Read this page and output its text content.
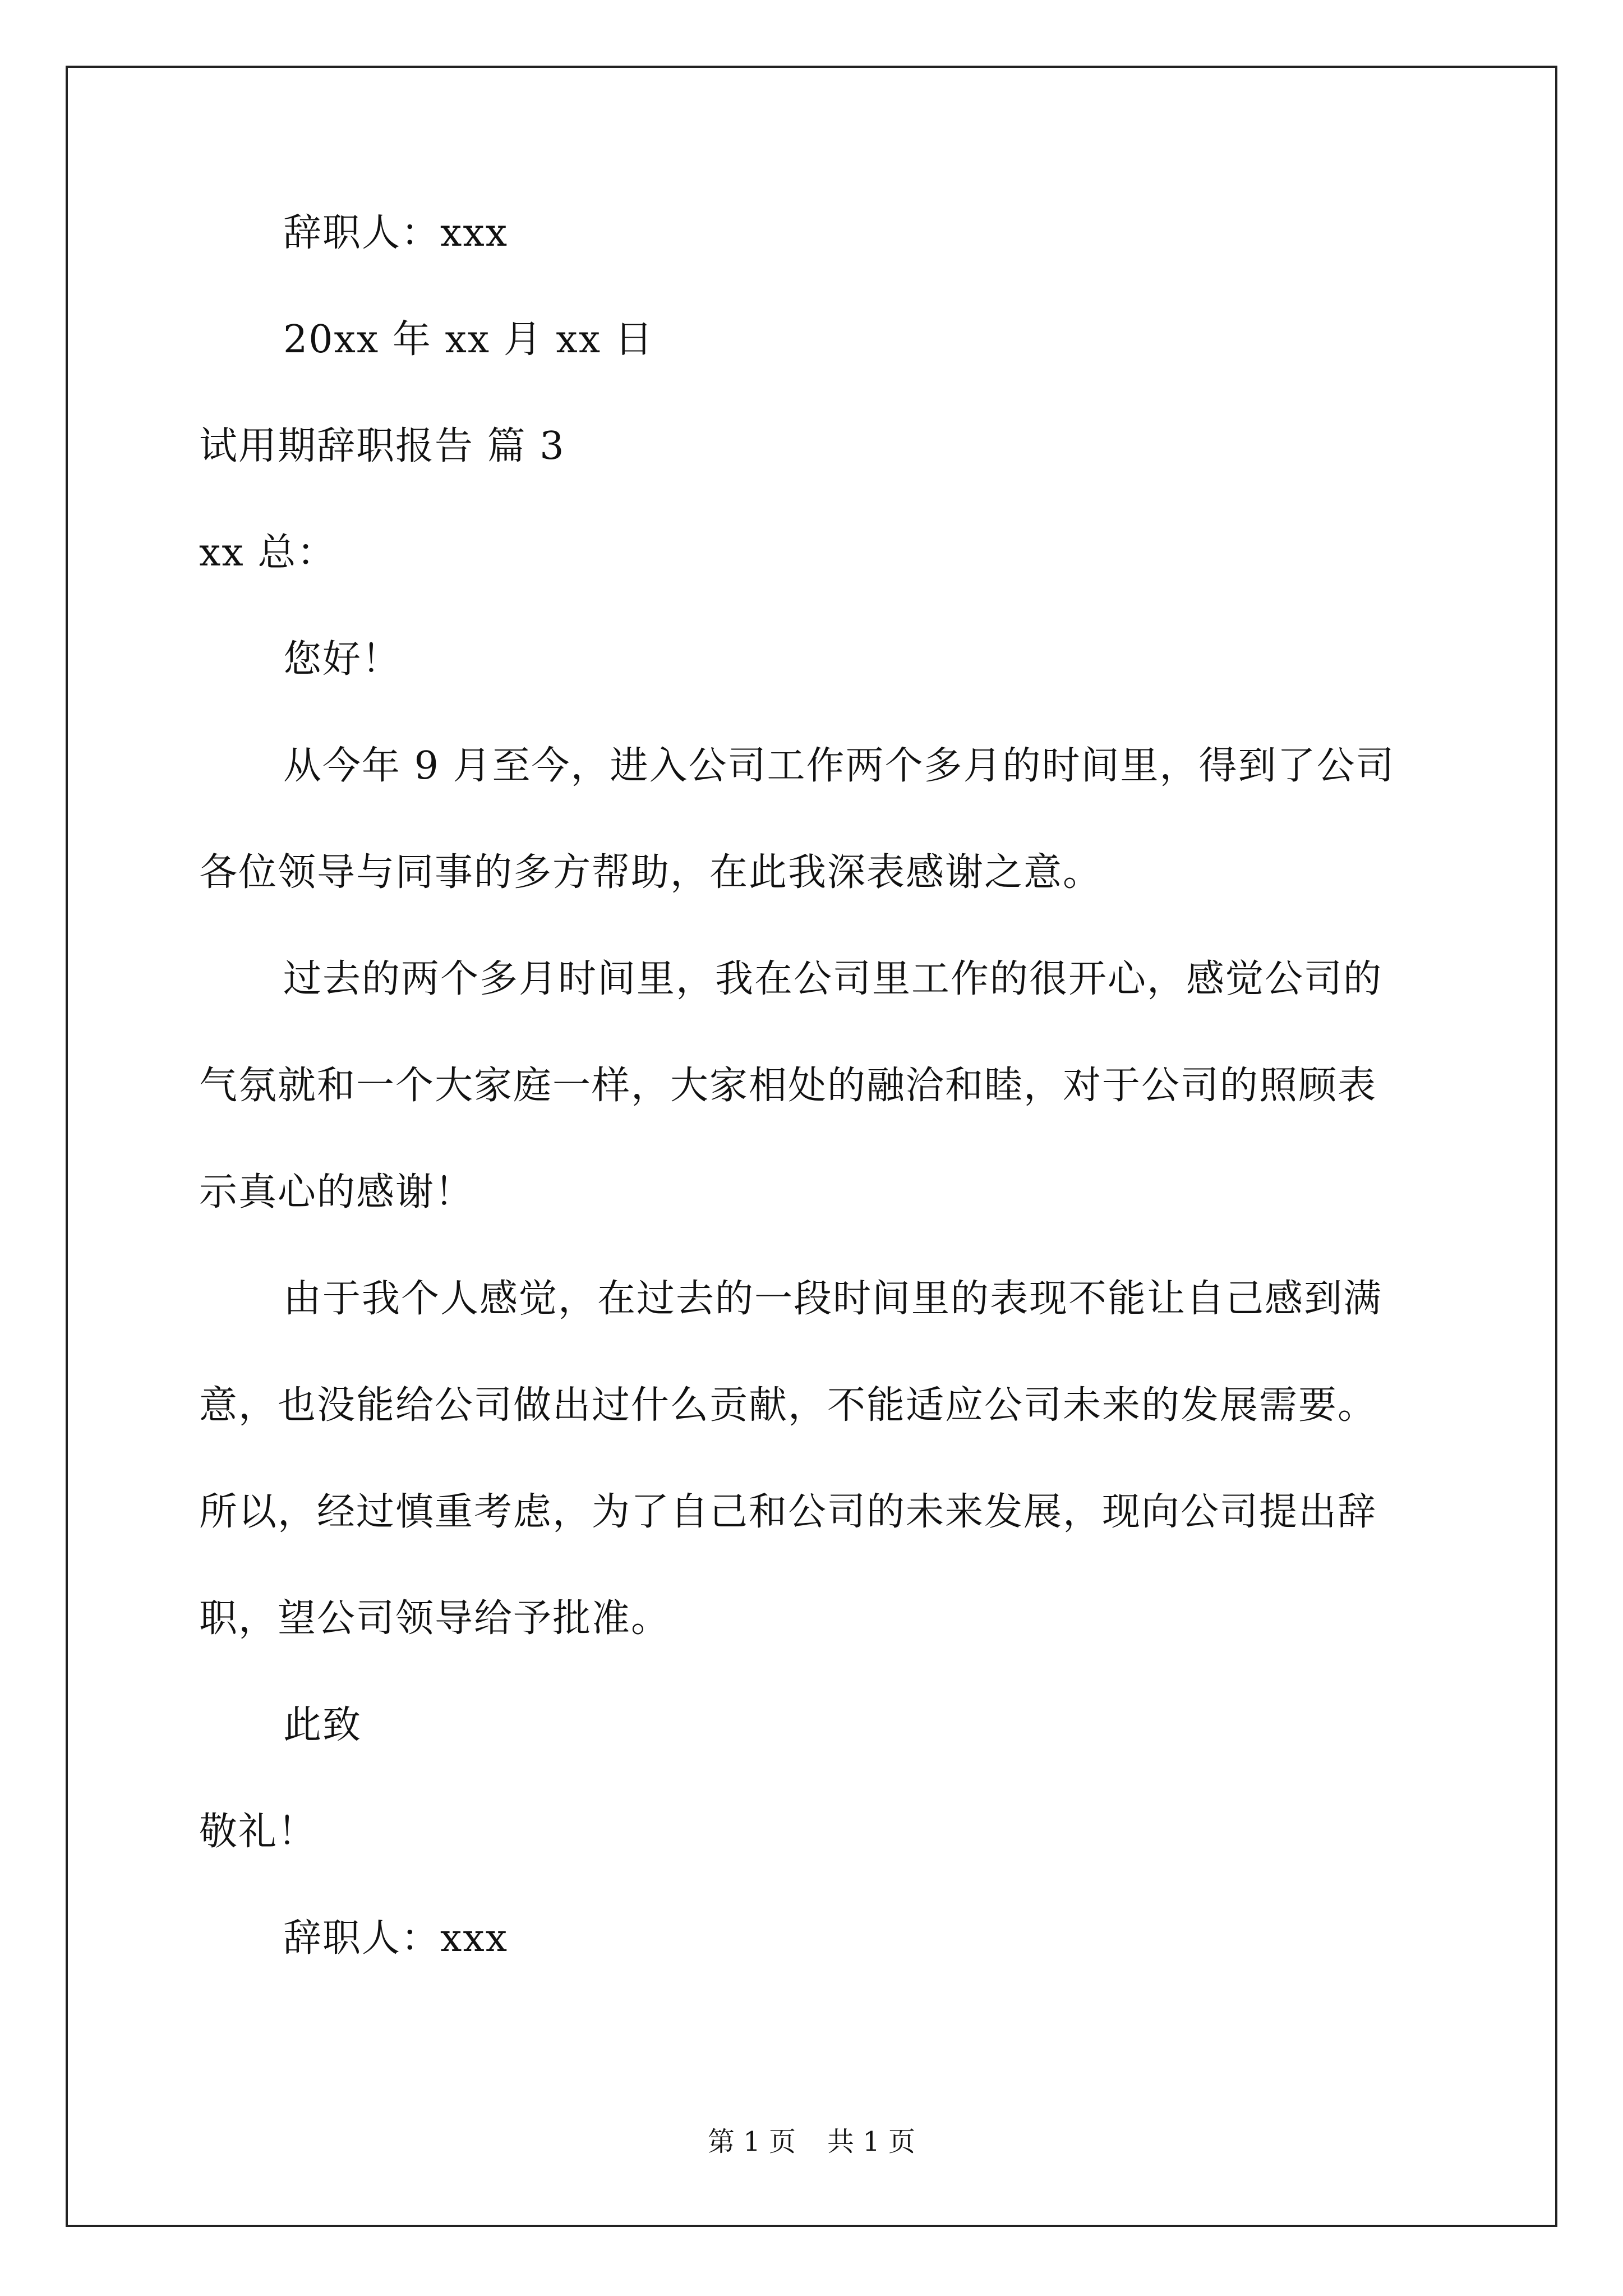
辞职人：xxx
20xx 年 xx 月 xx 日
试用期辞职报告 篇 3
xx 总：
您好！
从今年 9 月至今，进入公司工作两个多月的时间里，得到了公司
各位领导与同事的多方帮助，在此我深表感谢之意。
过去的两个多月时间里，我在公司里工作的很开心，感觉公司的
气氛就和一个大家庭一样，大家相处的融洽和睦，对于公司的照顾表
示真心的感谢！
由于我个人感觉，在过去的一段时间里的表现不能让自己感到满
意，也没能给公司做出过什么贡献，不能适应公司未来的发展需要。
所以，经过慎重考虑，为了自己和公司的未来发展，现向公司提出辞
职，望公司领导给予批准。
此致
敬礼！
辞职人：xxx
第 1 页 共 1 页
